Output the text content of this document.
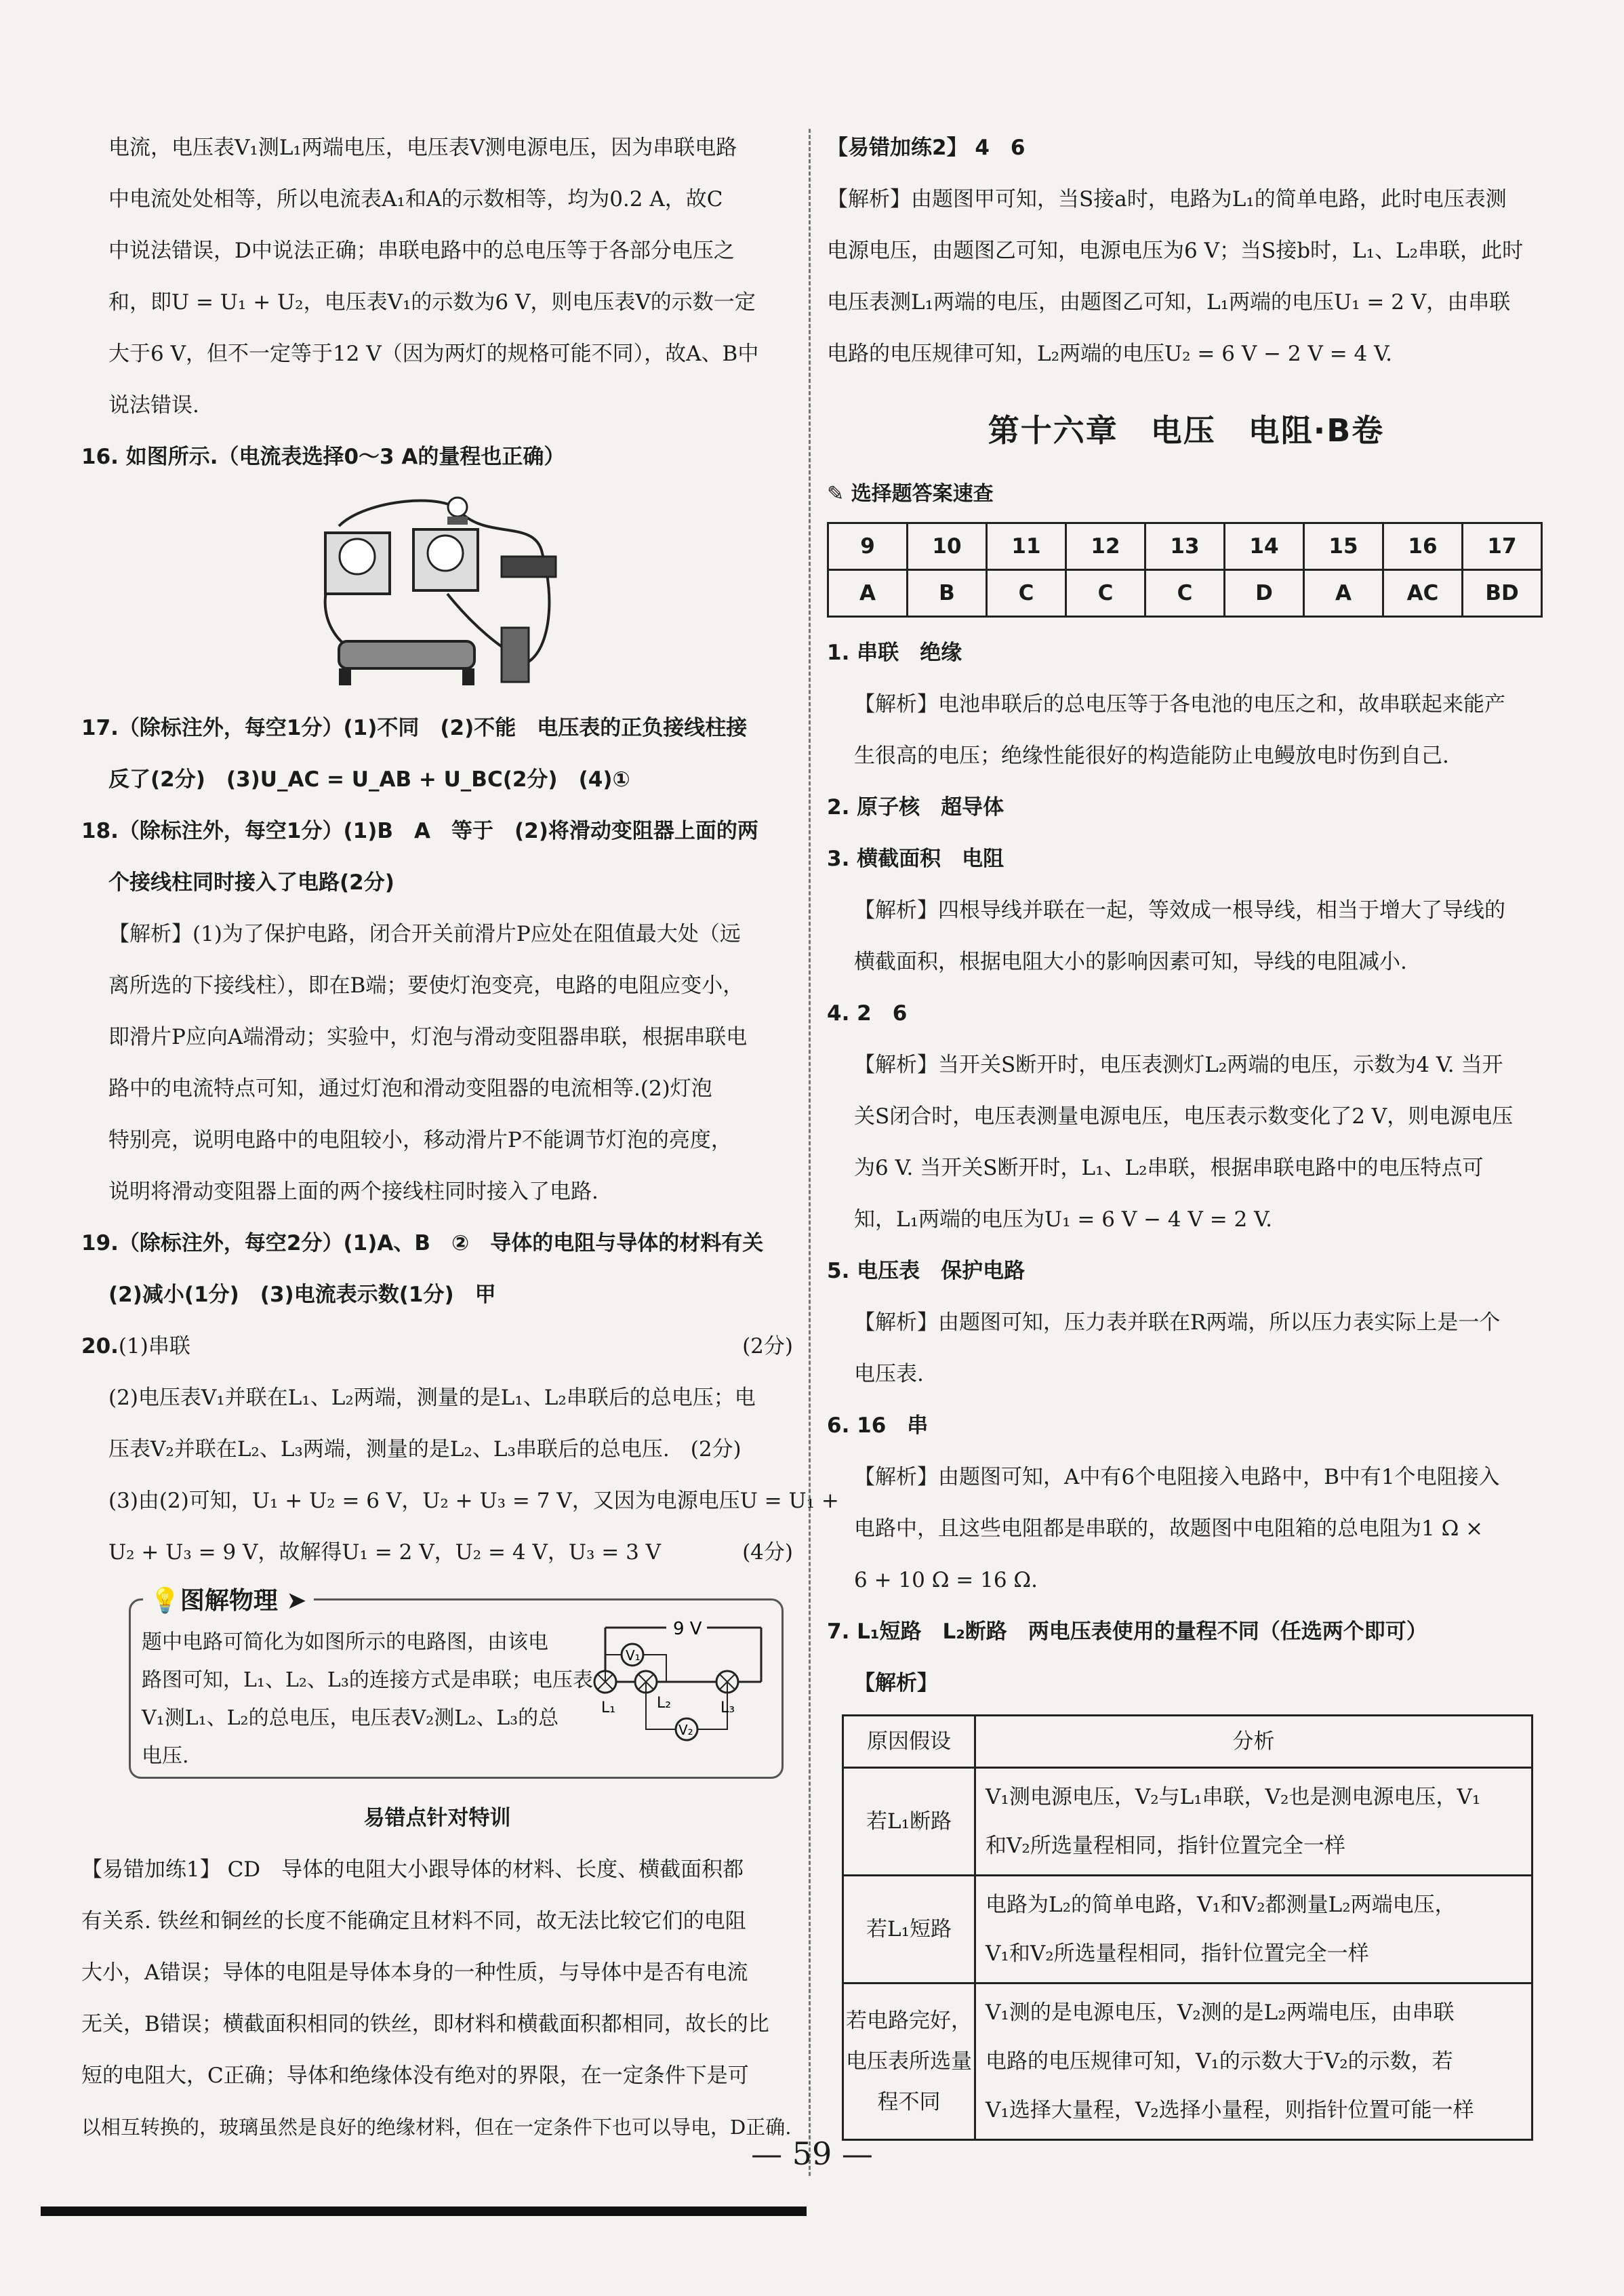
电流，电压表V₁测L₁两端电压，电压表V测电源电压，因为串联电路

中电流处处相等，所以电流表A₁和A的示数相等，均为0.2 A，故C

中说法错误，D中说法正确；串联电路中的总电压等于各部分电压之

和，即U = U₁ + U₂，电压表V₁的示数为6 V，则电压表V的示数一定

大于6 V，但不一定等于12 V（因为两灯的规格可能不同），故A、B中

说法错误.

16. 如图所示.（电流表选择0～3 A的量程也正确）

17.（除标注外，每空1分）(1)不同　(2)不能　电压表的正负接线柱接

反了(2分)　(3)U_AC = U_AB + U_BC(2分)　(4)①

18.（除标注外，每空1分）(1)B　A　等于　(2)将滑动变阻器上面的两

个接线柱同时接入了电路(2分)

【解析】(1)为了保护电路，闭合开关前滑片P应处在阻值最大处（远

离所选的下接线柱），即在B端；要使灯泡变亮，电路的电阻应变小，

即滑片P应向A端滑动；实验中，灯泡与滑动变阻器串联，根据串联电

路中的电流特点可知，通过灯泡和滑动变阻器的电流相等.(2)灯泡

特别亮，说明电路中的电阻较小，移动滑片P不能调节灯泡的亮度，

说明将滑动变阻器上面的两个接线柱同时接入了电路.

19.（除标注外，每空2分）(1)A、B　②　导体的电阻与导体的材料有关

(2)减小(1分)　(3)电流表示数(1分)　甲

20.(1)串联	(2分)

(2)电压表V₁并联在L₁、L₂两端，测量的是L₁、L₂串联后的总电压；电

压表V₂并联在L₂、L₃两端，测量的是L₂、L₃串联后的总电压.　(2分)

(3)由(2)可知，U₁ + U₂ = 6 V，U₂ + U₃ = 7 V，又因为电源电压U = U₁ +

U₂ + U₃ = 9 V，故解得U₁ = 2 V，U₂ = 4 V，U₃ = 3 V	(4分)

💡图解物理 ➤

题中电路可简化为如图所示的电路图，由该电

路图可知，L₁、L₂、L₃的连接方式是串联；电压表

V₁测L₁、L₂的总电压，电压表V₂测L₂、L₃的总

电压.

9 V
V₁
V₂
L₁	L₂	L₃

易错点针对特训

【易错加练1】 CD　导体的电阻大小跟导体的材料、长度、横截面积都

有关系. 铁丝和铜丝的长度不能确定且材料不同，故无法比较它们的电阻

大小，A错误；导体的电阻是导体本身的一种性质，与导体中是否有电流

无关，B错误；横截面积相同的铁丝，即材料和横截面积都相同，故长的比

短的电阻大，C正确；导体和绝缘体没有绝对的界限，在一定条件下是可

以相互转换的，玻璃虽然是良好的绝缘材料，但在一定条件下也可以导电，D正确.

【易错加练2】 4　6

【解析】由题图甲可知，当S接a时，电路为L₁的简单电路，此时电压表测

电源电压，由题图乙可知，电源电压为6 V；当S接b时，L₁、L₂串联，此时

电压表测L₁两端的电压，由题图乙可知，L₁两端的电压U₁ = 2 V，由串联

电路的电压规律可知，L₂两端的电压U₂ = 6 V − 2 V = 4 V.

第十六章　电压　电阻·B卷

✎ 选择题答案速查

9	10	11	12	13	14	15	16	17
A	B	C	C	C	D	A	AC	BD

1. 串联　绝缘

【解析】电池串联后的总电压等于各电池的电压之和，故串联起来能产

生很高的电压；绝缘性能很好的构造能防止电鳗放电时伤到自己.

2. 原子核　超导体

3. 横截面积　电阻

【解析】四根导线并联在一起，等效成一根导线，相当于增大了导线的

横截面积，根据电阻大小的影响因素可知，导线的电阻减小.

4. 2　6

【解析】当开关S断开时，电压表测灯L₂两端的电压，示数为4 V. 当开

关S闭合时，电压表测量电源电压，电压表示数变化了2 V，则电源电压

为6 V. 当开关S断开时，L₁、L₂串联，根据串联电路中的电压特点可

知，L₁两端的电压为U₁ = 6 V − 4 V = 2 V.

5. 电压表　保护电路

【解析】由题图可知，压力表并联在R两端，所以压力表实际上是一个

电压表.

6. 16　串

【解析】由题图可知，A中有6个电阻接入电路中，B中有1个电阻接入

电路中，且这些电阻都是串联的，故题图中电阻箱的总电阻为1 Ω ×

6 + 10 Ω = 16 Ω.

7. L₁短路　L₂断路　两电压表使用的量程不同（任选两个即可）

【解析】

原因假设	分析
若L₁断路	V₁测电源电压，V₂与L₁串联，V₂也是测电源电压，V₁
和V₂所选量程相同，指针位置完全一样

若L₁短路	电路为L₂的简单电路，V₁和V₂都测量L₂两端电压，
V₁和V₂所选量程相同，指针位置完全一样

若电路完好，电压表所选量程不同	V₁测的是电源电压，V₂测的是L₂两端电压，由串联
电路的电压规律可知，V₁的示数大于V₂的示数，若
V₁选择大量程，V₂选择小量程，则指针位置可能一样
— 59 —
